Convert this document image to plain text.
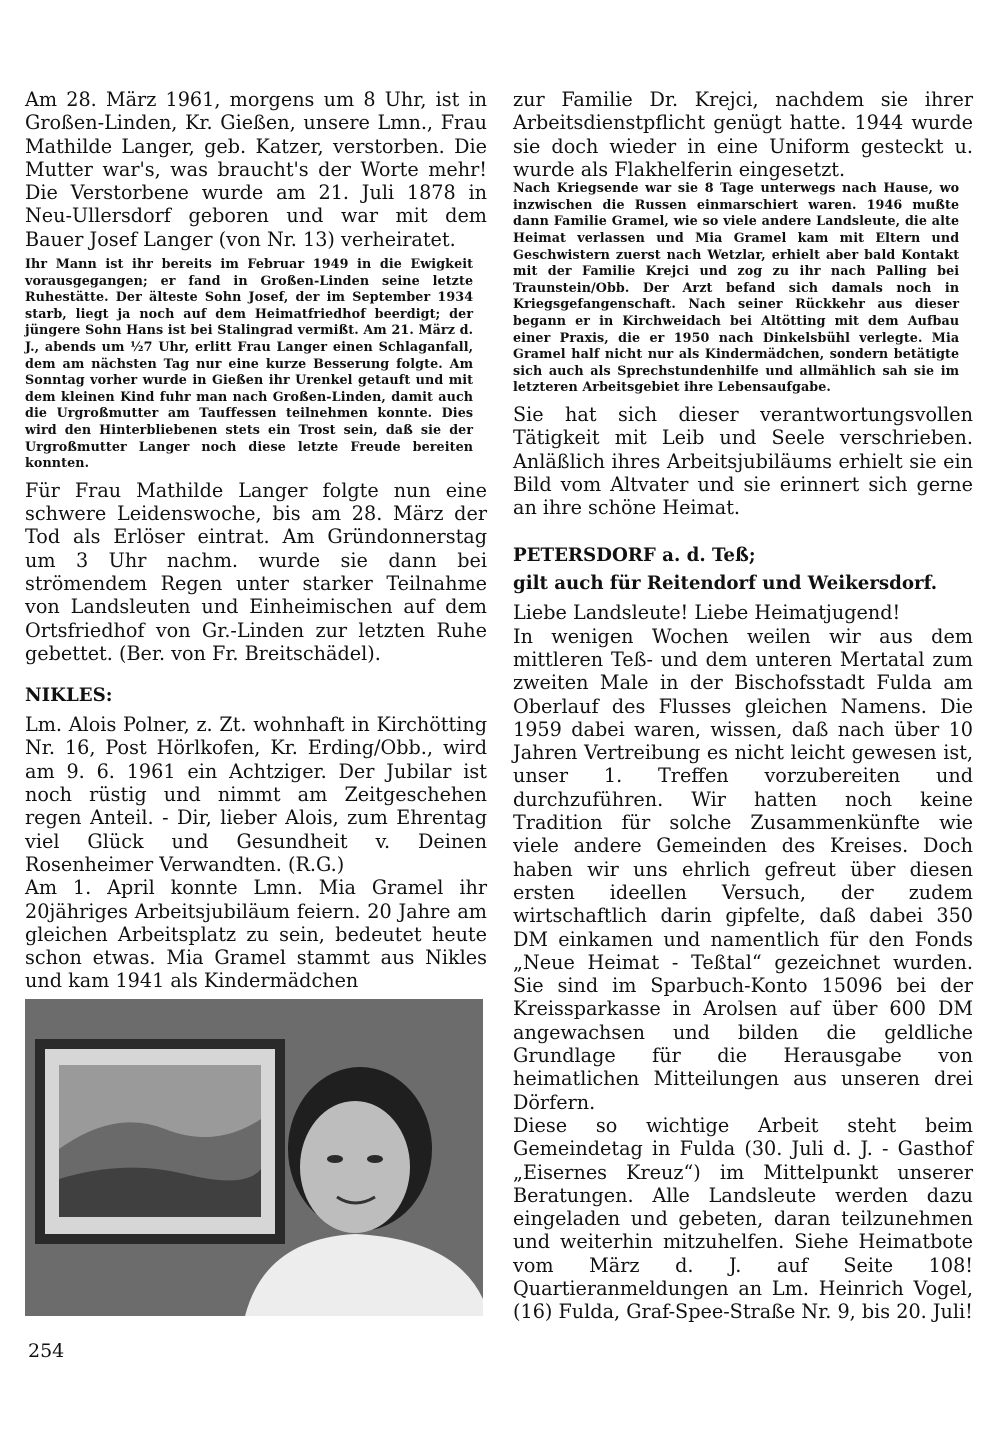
Am 28. März 1961, morgens um 8 Uhr, ist in Großen-Linden, Kr. Gießen, unsere Lmn., Frau Mathilde Langer, geb. Katzer, verstorben. Die Mutter war's, was braucht's der Worte mehr! Die Verstorbene wurde am 21. Juli 1878 in Neu-Ullersdorf geboren und war mit dem Bauer Josef Langer (von Nr. 13) verheiratet.

Ihr Mann ist ihr bereits im Februar 1949 in die Ewigkeit vorausgegangen; er fand in Großen-Linden seine letzte Ruhestätte. Der älteste Sohn Josef, der im September 1934 starb, liegt ja noch auf dem Heimatfriedhof beerdigt; der jüngere Sohn Hans ist bei Stalingrad vermißt. Am 21. März d. J., abends um ½7 Uhr, erlitt Frau Langer einen Schlaganfall, dem am nächsten Tag nur eine kurze Besserung folgte. Am Sonntag vorher wurde in Gießen ihr Urenkel getauft und mit dem kleinen Kind fuhr man nach Großen-Linden, damit auch die Urgroßmutter am Tauffessen teilnehmen konnte. Dies wird den Hinterbliebenen stets ein Trost sein, daß sie der Urgroßmutter Langer noch diese letzte Freude bereiten konnten.

Für Frau Mathilde Langer folgte nun eine schwere Leidenswoche, bis am 28. März der Tod als Erlöser eintrat. Am Gründonnerstag um 3 Uhr nachm. wurde sie dann bei strömendem Regen unter starker Teilnahme von Landsleuten und Einheimischen auf dem Ortsfriedhof von Gr.-Linden zur letzten Ruhe gebettet. (Ber. von Fr. Breitschädel).

NIKLES:

Lm. Alois Polner, z. Zt. wohnhaft in Kirchötting Nr. 16, Post Hörlkofen, Kr. Erding/Obb., wird am 9. 6. 1961 ein Achtziger. Der Jubilar ist noch rüstig und nimmt am Zeitgeschehen regen Anteil. - Dir, lieber Alois, zum Ehrentag viel Glück und Gesundheit v. Deinen Rosenheimer Verwandten. (R.G.)

Am 1. April konnte Lmn. Mia Gramel ihr 20jähriges Arbeitsjubiläum feiern. 20 Jahre am gleichen Arbeitsplatz zu sein, bedeutet heute schon etwas. Mia Gramel stammt aus Nikles und kam 1941 als Kindermädchen

zur Familie Dr. Krejci, nachdem sie ihrer Arbeitsdienstpflicht genügt hatte. 1944 wurde sie doch wieder in eine Uniform gesteckt u. wurde als Flakhelferin eingesetzt.

Nach Kriegsende war sie 8 Tage unterwegs nach Hause, wo inzwischen die Russen einmarschiert waren. 1946 mußte dann Familie Gramel, wie so viele andere Landsleute, die alte Heimat verlassen und Mia Gramel kam mit Eltern und Geschwistern zuerst nach Wetzlar, erhielt aber bald Kontakt mit der Familie Krejci und zog zu ihr nach Palling bei Traunstein/Obb. Der Arzt befand sich damals noch in Kriegsgefangenschaft. Nach seiner Rückkehr aus dieser begann er in Kirchweidach bei Altötting mit dem Aufbau einer Praxis, die er 1950 nach Dinkelsbühl verlegte. Mia Gramel half nicht nur als Kindermädchen, sondern betätigte sich auch als Sprechstundenhilfe und allmählich sah sie im letzteren Arbeitsgebiet ihre Lebensaufgabe.

Sie hat sich dieser verantwortungsvollen Tätigkeit mit Leib und Seele verschrieben. Anläßlich ihres Arbeitsjubiläums erhielt sie ein Bild vom Altvater und sie erinnert sich gerne an ihre schöne Heimat.

PETERSDORF a. d. Teß;

gilt auch für Reitendorf und Weikersdorf.

Liebe Landsleute! Liebe Heimatjugend!

In wenigen Wochen weilen wir aus dem mittleren Teß- und dem unteren Mertatal zum zweiten Male in der Bischofsstadt Fulda am Oberlauf des Flusses gleichen Namens. Die 1959 dabei waren, wissen, daß nach über 10 Jahren Vertreibung es nicht leicht gewesen ist, unser 1. Treffen vorzubereiten und durchzuführen. Wir hatten noch keine Tradition für solche Zusammenkünfte wie viele andere Gemeinden des Kreises. Doch haben wir uns ehrlich gefreut über diesen ersten ideellen Versuch, der zudem wirtschaftlich darin gipfelte, daß dabei 350 DM einkamen und namentlich für den Fonds „Neue Heimat - Teßtal“ gezeichnet wurden. Sie sind im Sparbuch-Konto 15096 bei der Kreissparkasse in Arolsen auf über 600 DM angewachsen und bilden die geldliche Grundlage für die Herausgabe von heimatlichen Mitteilungen aus unseren drei Dörfern.

Diese so wichtige Arbeit steht beim Gemeindetag in Fulda (30. Juli d. J. - Gasthof „Eisernes Kreuz“) im Mittelpunkt unserer Beratungen. Alle Landsleute werden dazu eingeladen und gebeten, daran teilzunehmen und weiterhin mitzuhelfen. Siehe Heimatbote vom März d. J. auf Seite 108! Quartieranmeldungen an Lm. Heinrich Vogel, (16) Fulda, Graf-Spee-Straße Nr. 9, bis 20. Juli!

254
